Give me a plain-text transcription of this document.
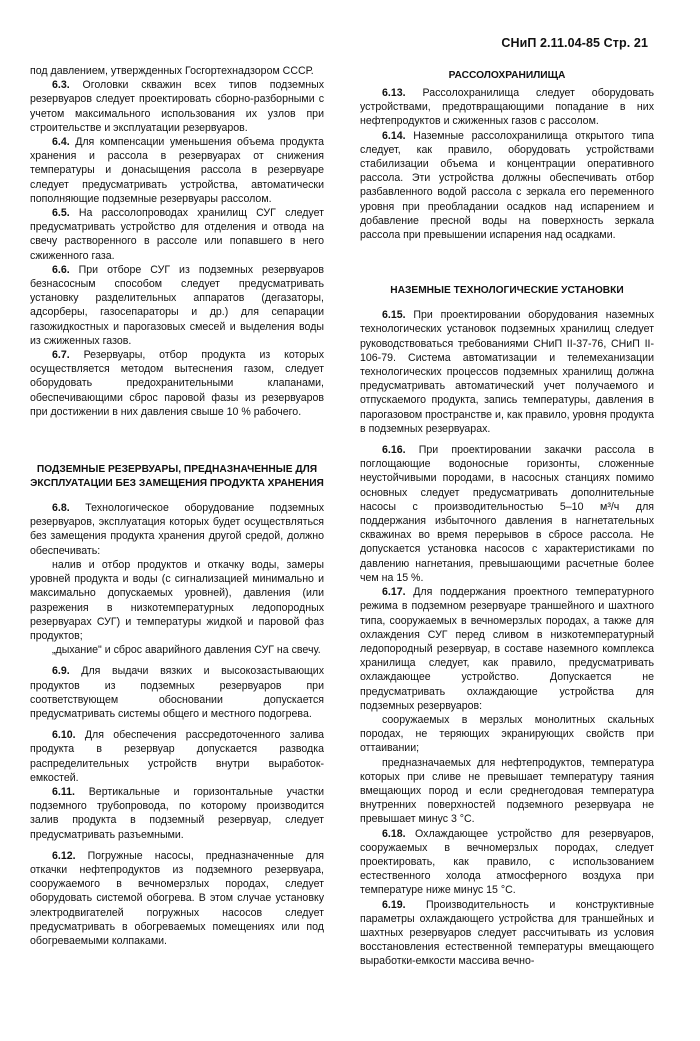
СНиП 2.11.04-85 Стр. 21

под давлением, утвержденных Госгортехнадзором СССР.

6.3. Оголовки скважин всех типов подземных резервуаров следует проектировать сборно-разборными с учетом максимального использования их узлов при строительстве и эксплуатации резервуаров.

6.4. Для компенсации уменьшения объема продукта хранения и рассола в резервуарах от снижения температуры и донасыщения рассола в резервуаре следует предусматривать устройства, автоматически пополняющие подземные резервуары рассолом.

6.5. На рассолопроводах хранилищ СУГ следует предусматривать устройство для отделения и отвода на свечу растворенного в рассоле или попавшего в него сжиженного газа.

6.6. При отборе СУГ из подземных резервуаров безнасосным способом следует предусматривать установку разделительных аппаратов (дегазаторы, адсорберы, газосепараторы и др.) для сепарации газожидкостных и парогазовых смесей и выделения воды из сжиженных газов.

6.7. Резервуары, отбор продукта из которых осуществляется методом вытеснения газом, следует оборудовать предохранительными клапанами, обеспечивающими сброс паровой фазы из резервуаров при достижении в них давления свыше 10 % рабочего.

ПОДЗЕМНЫЕ РЕЗЕРВУАРЫ, ПРЕДНАЗНАЧЕННЫЕ ДЛЯ ЭКСПЛУАТАЦИИ БЕЗ ЗАМЕЩЕНИЯ ПРОДУКТА ХРАНЕНИЯ

6.8. Технологическое оборудование подземных резервуаров, эксплуатация которых будет осуществляться без замещения продукта хранения другой средой, должно обеспечивать:

налив и отбор продуктов и откачку воды, замеры уровней продукта и воды (с сигнализацией минимально и максимально допускаемых уровней), давления (или разрежения в низкотемпературных ледопородных резервуарах СУГ) и температуры жидкой и паровой фаз продуктов;

„дыхание" и сброс аварийного давления СУГ на свечу.

6.9. Для выдачи вязких и высокозастывающих продуктов из подземных резервуаров при соответствующем обосновании допускается предусматривать системы общего и местного подогрева.

6.10. Для обеспечения рассредоточенного залива продукта в резервуар допускается разводка распределительных устройств внутри выработок-емкостей.

6.11. Вертикальные и горизонтальные участки подземного трубопровода, по которому производится залив продукта в подземный резервуар, следует предусматривать разъемными.

6.12. Погружные насосы, предназначенные для откачки нефтепродуктов из подземного резервуара, сооружаемого в вечномерзлых породах, следует оборудовать системой обогрева. В этом случае установку электродвигателей погружных насосов следует предусматривать в обогреваемых помещениях или под обогреваемыми колпаками.

РАССОЛОХРАНИЛИЩА

6.13. Рассолохранилища следует оборудовать устройствами, предотвращающими попадание в них нефтепродуктов и сжиженных газов с рассолом.

6.14. Наземные рассолохранилища открытого типа следует, как правило, оборудовать устройствами стабилизации объема и концентрации оперативного рассола. Эти устройства должны обеспечивать отбор разбавленного водой рассола с зеркала его переменного уровня при преобладании осадков над испарением и добавление пресной воды на поверхность зеркала рассола при превышении испарения над осадками.

НАЗЕМНЫЕ ТЕХНОЛОГИЧЕСКИЕ УСТАНОВКИ

6.15. При проектировании оборудования наземных технологических установок подземных хранилищ следует руководствоваться требованиями СНиП II-37-76, СНиП II-106-79. Система автоматизации и телемеханизации технологических процессов подземных хранилищ должна предусматривать автоматический учет получаемого и отпускаемого продукта, запись температуры, давления в парогазовом пространстве и, как правило, уровня продукта в подземных резервуарах.

6.16. При проектировании закачки рассола в поглощающие водоносные горизонты, сложенные неустойчивыми породами, в насосных станциях помимо основных следует предусматривать дополнительные насосы с производительностью 5–10 м³/ч для поддержания избыточного давления в нагнетательных скважинах во время перерывов в сбросе рассола. Не допускается установка насосов с характеристиками по давлению нагнетания, превышающими расчетные более чем на 15 %.

6.17. Для поддержания проектного температурного режима в подземном резервуаре траншейного и шахтного типа, сооружаемых в вечномерзлых породах, а также для охлаждения СУГ перед сливом в низкотемпературный ледопородный резервуар, в составе наземного комплекса хранилища следует, как правило, предусматривать охлаждающее устройство. Допускается не предусматривать охлаждающие устройства для подземных резервуаров:

сооружаемых в мерзлых монолитных скальных породах, не теряющих экранирующих свойств при оттаивании;

предназначаемых для нефтепродуктов, температура которых при сливе не превышает температуру таяния вмещающих пород и если среднегодовая температура внутренних поверхностей подземного резервуара не превышает минус 3 °С.

6.18. Охлаждающее устройство для резервуаров, сооружаемых в вечномерзлых породах, следует проектировать, как правило, с использованием естественного холода атмосферного воздуха при температуре ниже минус 15 °С.

6.19. Производительность и конструктивные параметры охлаждающего устройства для траншейных и шахтных резервуаров следует рассчитывать из условия восстановления естественной температуры вмещающего выработки-емкости массива вечно-
